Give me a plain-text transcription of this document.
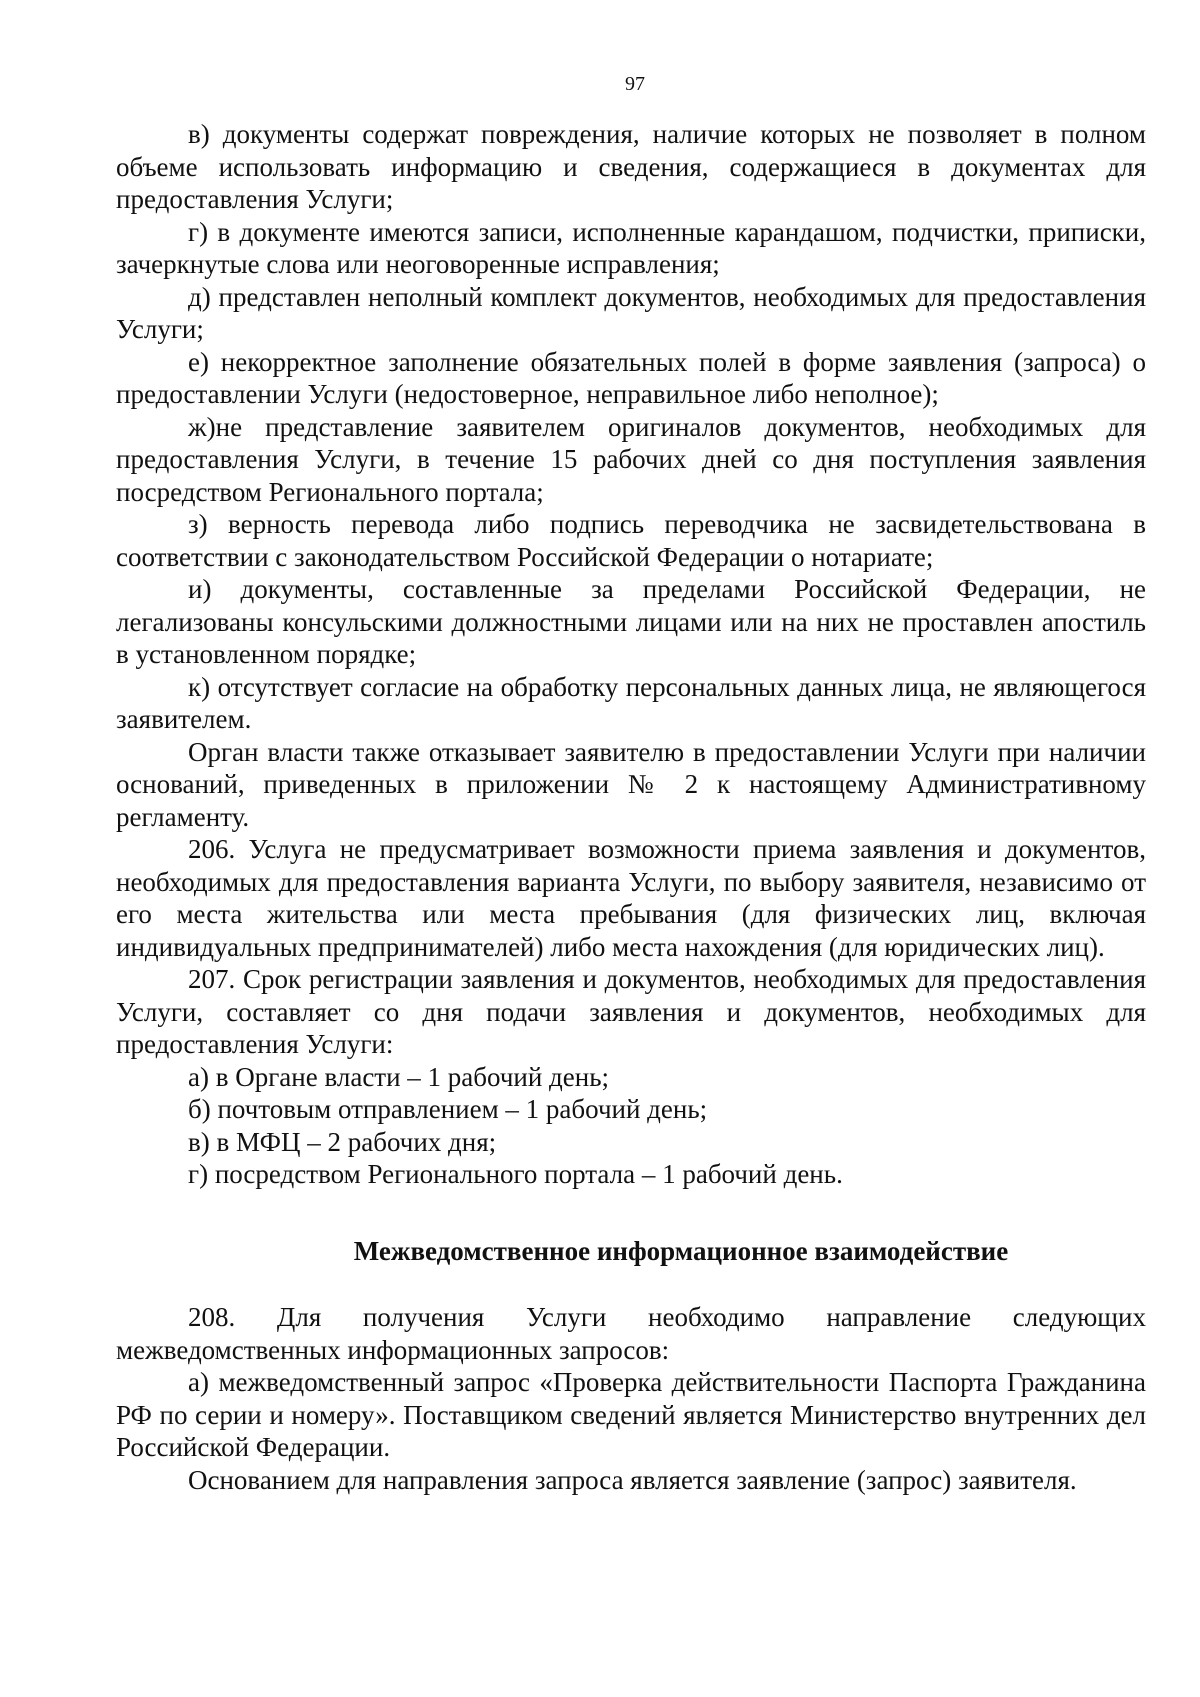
97

в) документы содержат повреждения, наличие которых не позволяет в полном объеме использовать информацию и сведения, содержащиеся в документах для предоставления Услуги;

г) в документе имеются записи, исполненные карандашом, подчистки, приписки, зачеркнутые слова или неоговоренные исправления;

д) представлен неполный комплект документов, необходимых для предоставления Услуги;

е) некорректное заполнение обязательных полей в форме заявления (запроса) о предоставлении Услуги (недостоверное, неправильное либо неполное);

ж)не представление заявителем оригиналов документов, необходимых для предоставления Услуги, в течение 15 рабочих дней со дня поступления заявления посредством Регионального портала;

з) верность перевода либо подпись переводчика не засвидетельствована в соответствии с законодательством Российской Федерации о нотариате;

и) документы, составленные за пределами Российской Федерации, не легализованы консульскими должностными лицами или на них не проставлен апостиль в установленном порядке;

к) отсутствует согласие на обработку персональных данных лица, не являющегося заявителем.

Орган власти также отказывает заявителю в предоставлении Услуги при наличии оснований, приведенных в приложении № 2 к настоящему Административному регламенту.

206. Услуга не предусматривает возможности приема заявления и документов, необходимых для предоставления варианта Услуги, по выбору заявителя, независимо от его места жительства или места пребывания (для физических лиц, включая индивидуальных предпринимателей) либо места нахождения (для юридических лиц).

207. Срок регистрации заявления и документов, необходимых для предоставления Услуги, составляет со дня подачи заявления и документов, необходимых для предоставления Услуги:

а) в Органе власти – 1 рабочий день;

б) почтовым отправлением – 1 рабочий день;

в) в МФЦ – 2 рабочих дня;

г) посредством Регионального портала – 1 рабочий день.

Межведомственное информационное взаимодействие

208. Для получения Услуги необходимо направление следующих межведомственных информационных запросов:

а) межведомственный запрос «Проверка действительности Паспорта Гражданина РФ по серии и номеру». Поставщиком сведений является Министерство внутренних дел Российской Федерации.

Основанием для направления запроса является заявление (запрос) заявителя.
